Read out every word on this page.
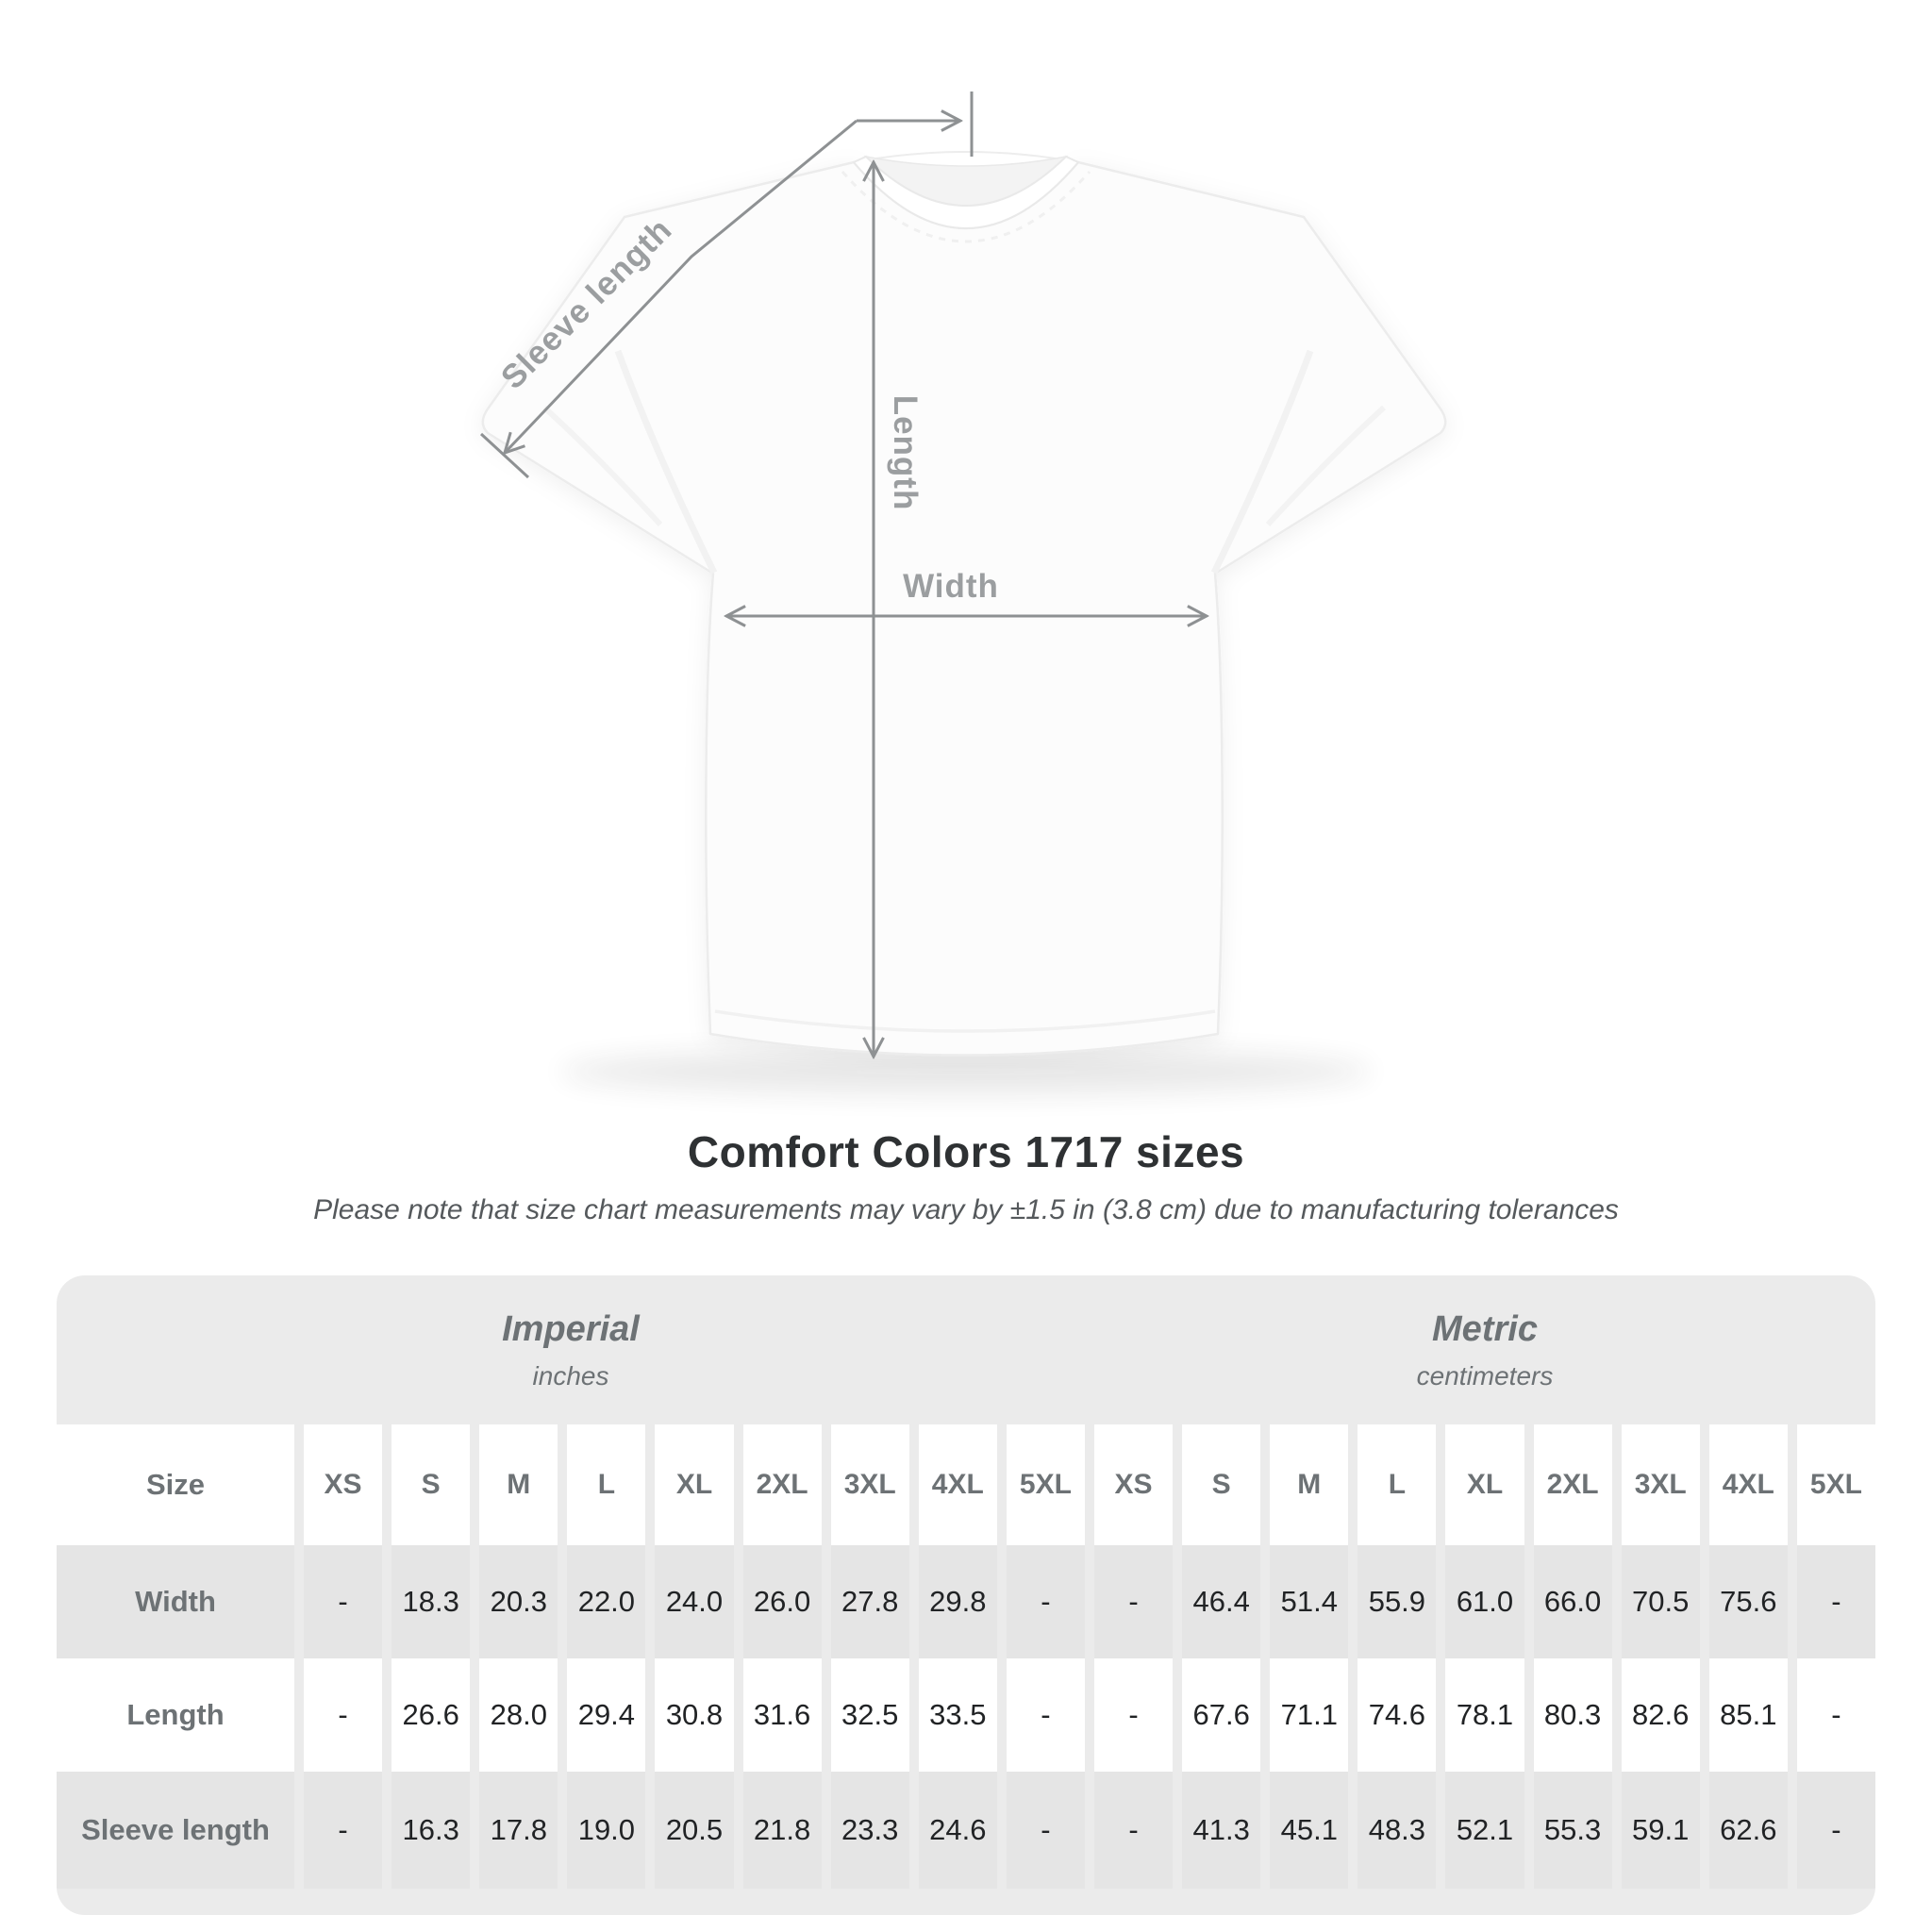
Sleeve length
Length
Width
Comfort Colors 1717 sizes
Please note that size chart measurements may vary by ±1.5 in (3.8 cm) due to manufacturing tolerances
Imperial
inches
Metric
centimeters
Size	XS S M L XL 2XL 3XL 4XL 5XL XS S M L XL 2XL 3XL 4XL 5XL
Width	- 18.3 20.3 22.0 24.0 26.0 27.8 29.8 -	- 46.4 51.4 55.9 61.0 66.0 70.5 75.6 -
Length	- 26.6 28.0 29.4 30.8 31.6 32.5 33.5 -	- 67.6 71.1 74.6 78.1 80.3 82.6 85.1 -
Sleeve length - 16.3 17.8 19.0 20.5 21.8 23.3 24.6 -	- 41.3 45.1 48.3 52.1 55.3 59.1 62.6 -
